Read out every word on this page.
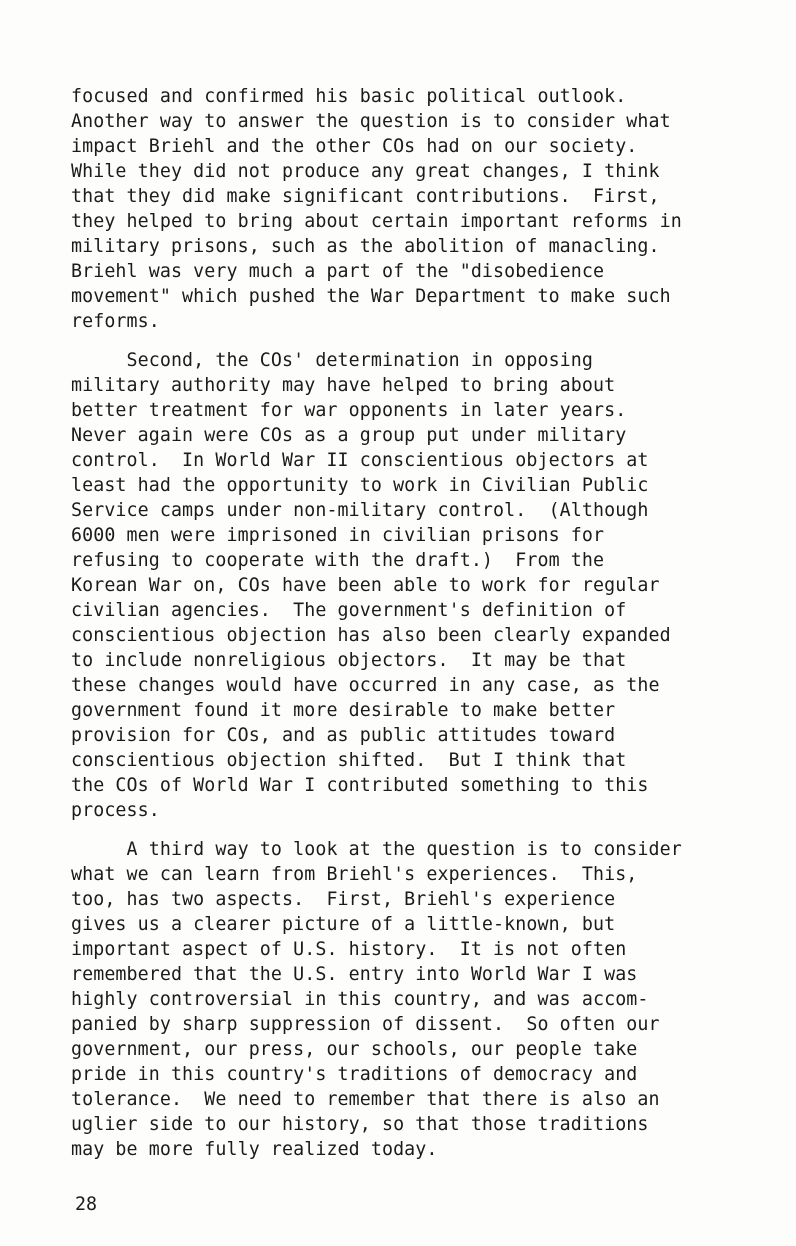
focused and confirmed his basic political outlook.
Another way to answer the question is to consider what
impact Briehl and the other COs had on our society.
While they did not produce any great changes, I think
that they did make significant contributions.  First,
they helped to bring about certain important reforms in
military prisons, such as the abolition of manacling.
Briehl was very much a part of the "disobedience
movement" which pushed the War Department to make such
reforms.

Second, the COs' determination in opposing
military authority may have helped to bring about
better treatment for war opponents in later years.
Never again were COs as a group put under military
control.  In World War II conscientious objectors at
least had the opportunity to work in Civilian Public
Service camps under non-military control.  (Although
6000 men were imprisoned in civilian prisons for
refusing to cooperate with the draft.)  From the
Korean War on, COs have been able to work for regular
civilian agencies.  The government's definition of
conscientious objection has also been clearly expanded
to include nonreligious objectors.  It may be that
these changes would have occurred in any case, as the
government found it more desirable to make better
provision for COs, and as public attitudes toward
conscientious objection shifted.  But I think that
the COs of World War I contributed something to this
process.

A third way to look at the question is to consider
what we can learn from Briehl's experiences.  This,
too, has two aspects.  First, Briehl's experience
gives us a clearer picture of a little-known, but
important aspect of U.S. history.  It is not often
remembered that the U.S. entry into World War I was
highly controversial in this country, and was accom-
panied by sharp suppression of dissent.  So often our
government, our press, our schools, our people take
pride in this country's traditions of democracy and
tolerance.  We need to remember that there is also an
uglier side to our history, so that those traditions
may be more fully realized today.

28
